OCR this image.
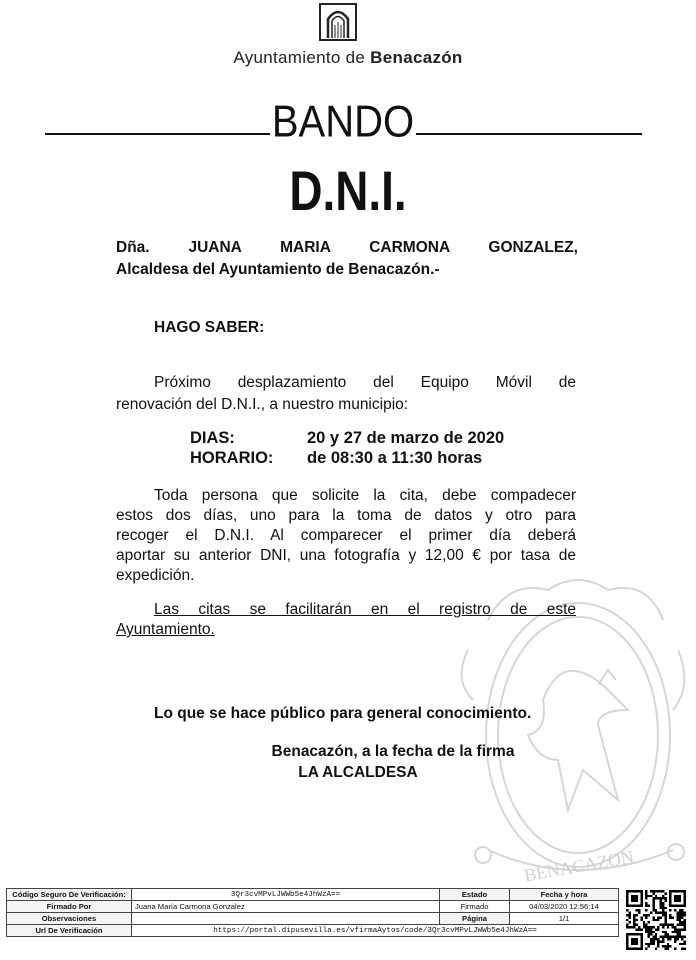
Ayuntamiento de Benacazón
BANDO
D.N.I.
BENACAZON
Dña. JUANA MARIA CARMONA GONZALEZ,
Alcaldesa del Ayuntamiento de Benacazón.-
HAGO SABER:
Próximo desplazamiento del Equipo Móvil de
renovación del D.N.I., a nuestro municipio:
DIAS:	20 y 27 de marzo de 2020
HORARIO: de 08:30 a 11:30 horas
Toda persona que solicite la cita, debe compadecer
estos dos días, uno para la toma de datos y otro para
recoger el D.N.I. Al comparecer el primer día deberá
aportar su anterior DNI, una fotografía y 12,00 € por tasa de
expedición.
Las citas se facilitarán en el registro de este
Ayuntamiento.
Lo que se hace público para general conocimiento.
Benacazón, a la fecha de la firma
LA ALCALDESA
Código Seguro De Verificación:	3Qr3cvMPvLJWWb5e4JhWzA==	Estado	Fecha y hora
Firmado Por	Juana María Carmona Gonzalez	Firmado	04/03/2020 12:56:14
Observaciones		Página	1/1
Url De Verificación	https://portal.dipusevilla.es/vfirmaAytos/code/3Qr3cvMPvLJWWb5e4JhWzA==		
